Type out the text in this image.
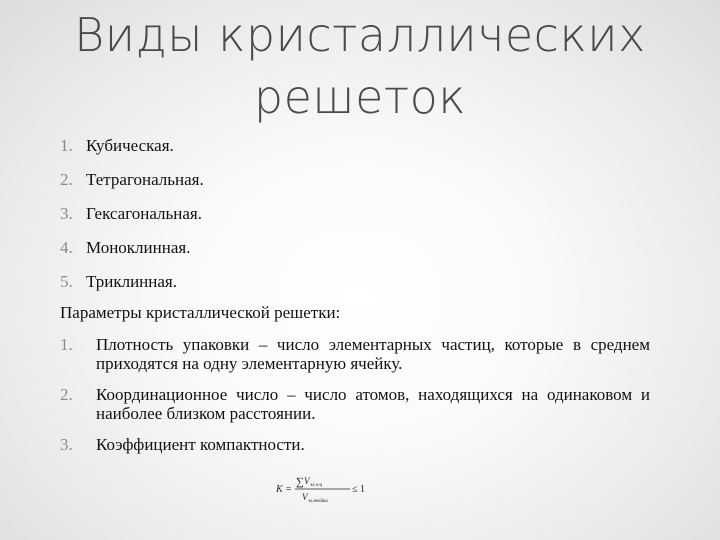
Виды кристаллических
решеток
1. Кубическая.
2. Тетрагональная.
3. Гексагональная.
4. Моноклинная.
5. Триклинная.
Параметры кристаллической решетки:
1. Плотность упаковки – число элементарных частиц, которые в среднем приходятся на одну элементарную ячейку.
2. Координационное число – число атомов, находящихся на одинаковом и наиболее близком расстоянии.
3. Коэффициент компактности.
K =
∑ V эл.ч-ц
V эл.ячейки
≤ 1
